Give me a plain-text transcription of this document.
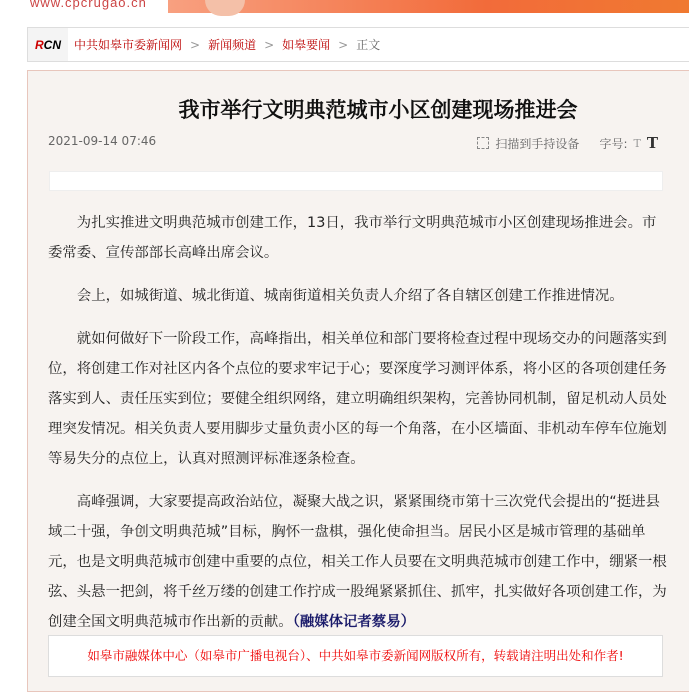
www.cpcrugao.cn
R CN 中共如皋市委新闻网 > 新闻频道 > 如皋要闻 > 正文
我市举行文明典范城市小区创建现场推进会
2021-09-14 07:46	扫描到手持设备 字号: T T

为扎实推进文明典范城市创建工作，13日，我市举行文明典范城市小区创建现场推进会。市委常委、宣传部部长高峰出席会议。

会上，如城街道、城北街道、城南街道相关负责人介绍了各自辖区创建工作推进情况。

就如何做好下一阶段工作，高峰指出，相关单位和部门要将检查过程中现场交办的问题落实到位，将创建工作对社区内各个点位的要求牢记于心；要深度学习测评体系，将小区的各项创建任务落实到人、责任压实到位；要健全组织网络，建立明确组织架构，完善协同机制，留足机动人员处理突发情况。相关负责人要用脚步丈量负责小区的每一个角落，在小区墙面、非机动车停车位施划等易失分的点位上，认真对照测评标准逐条检查。

高峰强调，大家要提高政治站位，凝聚大战之识，紧紧围绕市第十三次党代会提出的“挺进县域二十强，争创文明典范城”目标，胸怀一盘棋，强化使命担当。居民小区是城市管理的基础单元，也是文明典范城市创建中重要的点位，相关工作人员要在文明典范城市创建工作中，绷紧一根弦、头悬一把剑，将千丝万缕的创建工作拧成一股绳紧紧抓住、抓牢，扎实做好各项创建工作，为创建全国文明典范城市作出新的贡献。（融媒体记者蔡易）

如皋市融媒体中心（如皋市广播电视台）、中共如皋市委新闻网版权所有，转载请注明出处和作者!
